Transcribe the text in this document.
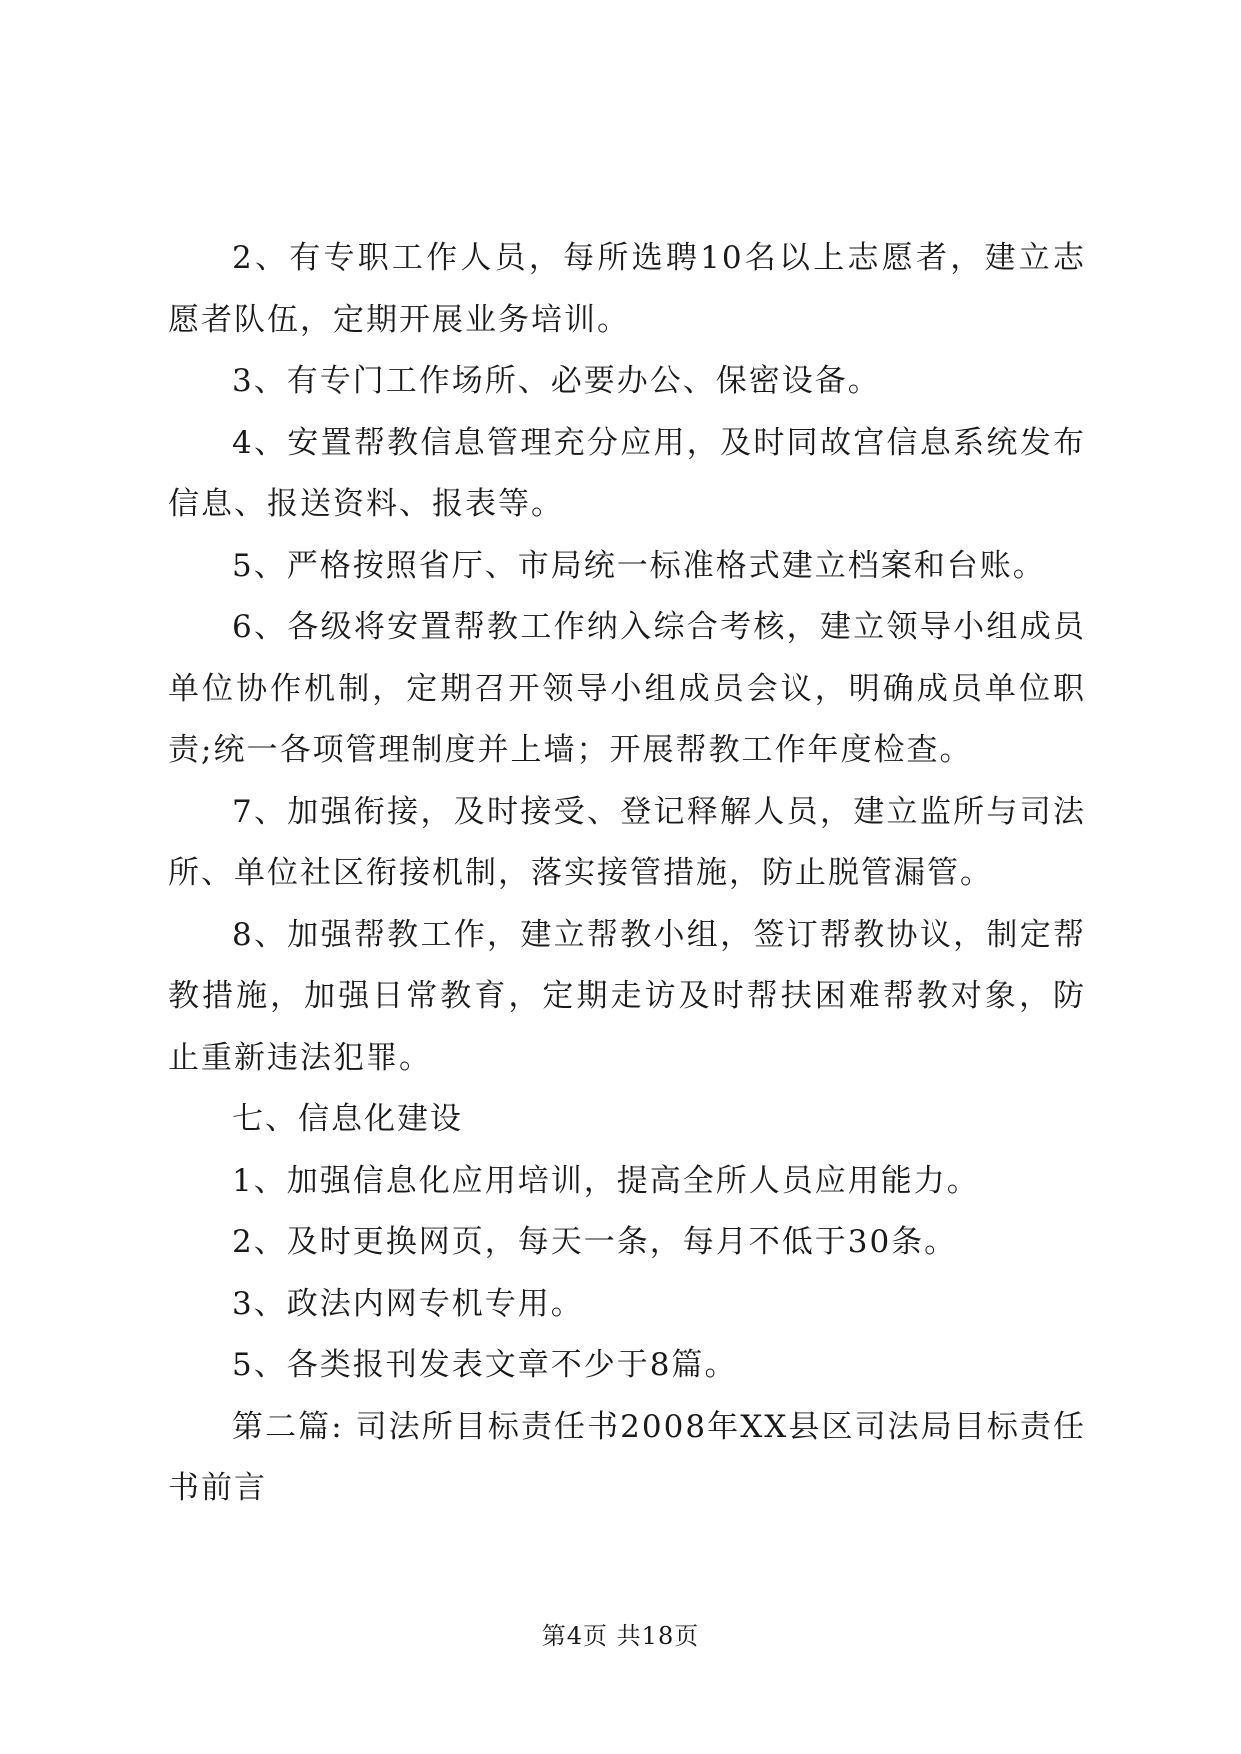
2、有专职工作人员，每所选聘10名以上志愿者，建立志愿者队伍，定期开展业务培训。

3、有专门工作场所、必要办公、保密设备。

4、安置帮教信息管理充分应用，及时同故宫信息系统发布信息、报送资料、报表等。

5、严格按照省厅、市局统一标准格式建立档案和台账。

6、各级将安置帮教工作纳入综合考核，建立领导小组成员单位协作机制，定期召开领导小组成员会议，明确成员单位职责;统一各项管理制度并上墙；开展帮教工作年度检查。

7、加强衔接，及时接受、登记释解人员，建立监所与司法所、单位社区衔接机制，落实接管措施，防止脱管漏管。

8、加强帮教工作，建立帮教小组，签订帮教协议，制定帮教措施，加强日常教育，定期走访及时帮扶困难帮教对象，防止重新违法犯罪。

七、信息化建设

1、加强信息化应用培训，提高全所人员应用能力。

2、及时更换网页，每天一条，每月不低于30条。

3、政法内网专机专用。

5、各类报刊发表文章不少于8篇。

第二篇: 司法所目标责任书2008年XX县区司法局目标责任书前言

第4页 共18页
